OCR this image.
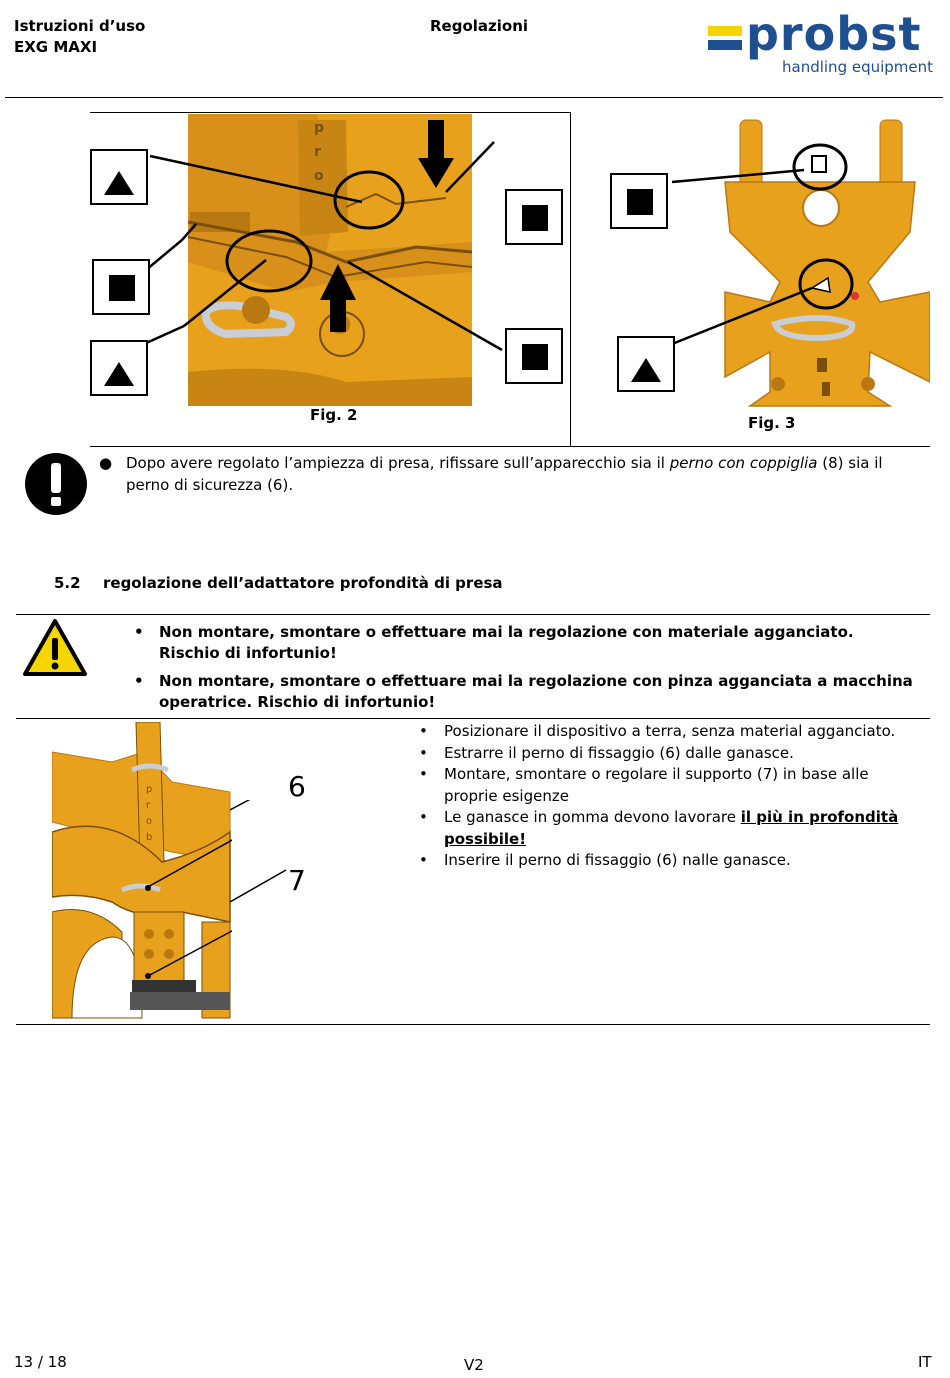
Istruzioni d’uso
EXG MAXI
Regolazioni	probst
handling equipment
p
r
o
Fig. 2	Fig. 3
● Dopo avere regolato l’ampiezza di presa, rifissare sull’apparecchio sia il perno con coppiglia (8) sia il perno di sicurezza (6).
5.2 regolazione dell’adattatore profondità di presa
• Non montare, smontare o effettuare mai la regolazione con materiale agganciato. Rischio di infortunio!
• Non montare, smontare o effettuare mai la regolazione con pinza agganciata a macchina operatrice. Rischio di infortunio!
p
r
o
b
6
7
• Posizionare il dispositivo a terra, senza material agganciato.
• Estrarre il perno di fissaggio (6) dalle ganasce.
• Montare, smontare o regolare il supporto (7) in base alle proprie esigenze
• Le ganasce in gomma devono lavorare il più in profondità possibile!
• Inserire il perno di fissaggio (6) nalle ganasce.
13 / 18	V2	IT
